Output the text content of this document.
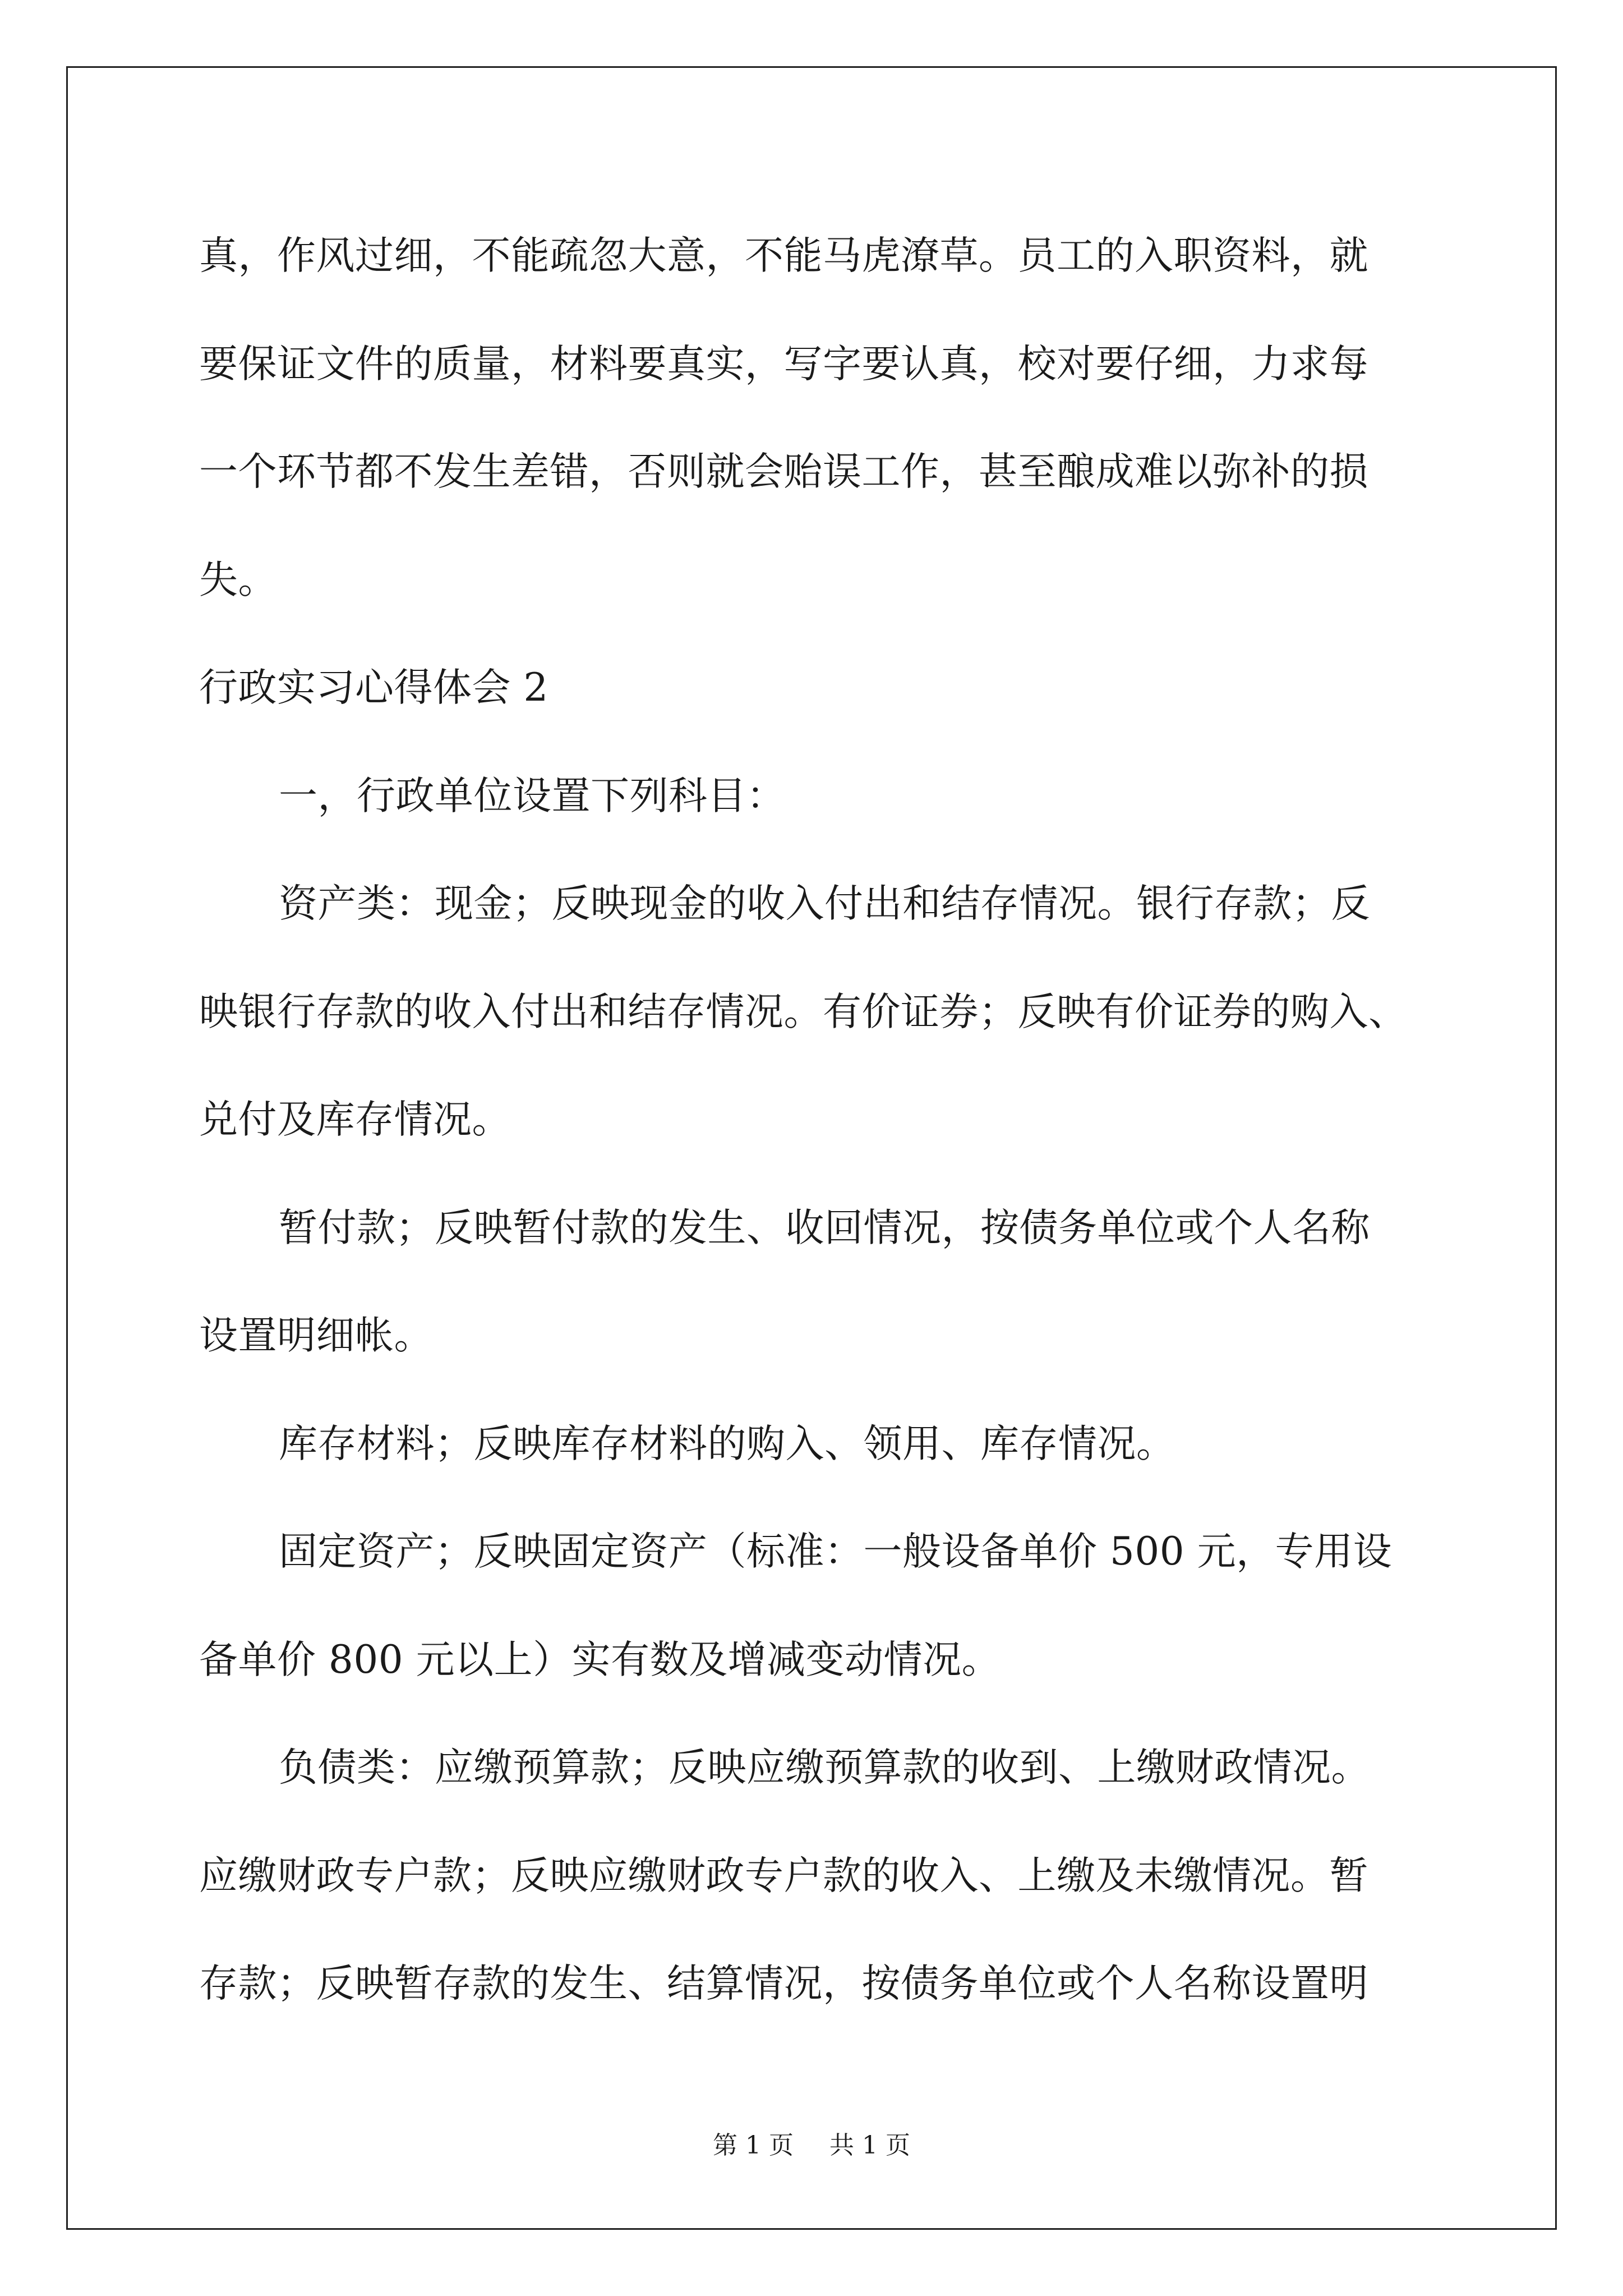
真，作风过细，不能疏忽大意，不能马虎潦草。员工的入职资料，就
要保证文件的质量，材料要真实，写字要认真，校对要仔细，力求每
一个环节都不发生差错，否则就会贻误工作，甚至酿成难以弥补的损
失。
行政实习心得体会 2
一，行政单位设置下列科目：
资产类：现金；反映现金的收入付出和结存情况。银行存款；反
映银行存款的收入付出和结存情况。有价证券；反映有价证券的购入、
兑付及库存情况。
暂付款；反映暂付款的发生、收回情况，按债务单位或个人名称
设置明细帐。
库存材料；反映库存材料的购入、领用、库存情况。
固定资产；反映固定资产（标准：一般设备单价 500 元，专用设
备单价 800 元以上）实有数及增减变动情况。
负债类：应缴预算款；反映应缴预算款的收到、上缴财政情况。
应缴财政专户款；反映应缴财政专户款的收入、上缴及未缴情况。暂
存款；反映暂存款的发生、结算情况，按债务单位或个人名称设置明
第 1 页 共 1 页
